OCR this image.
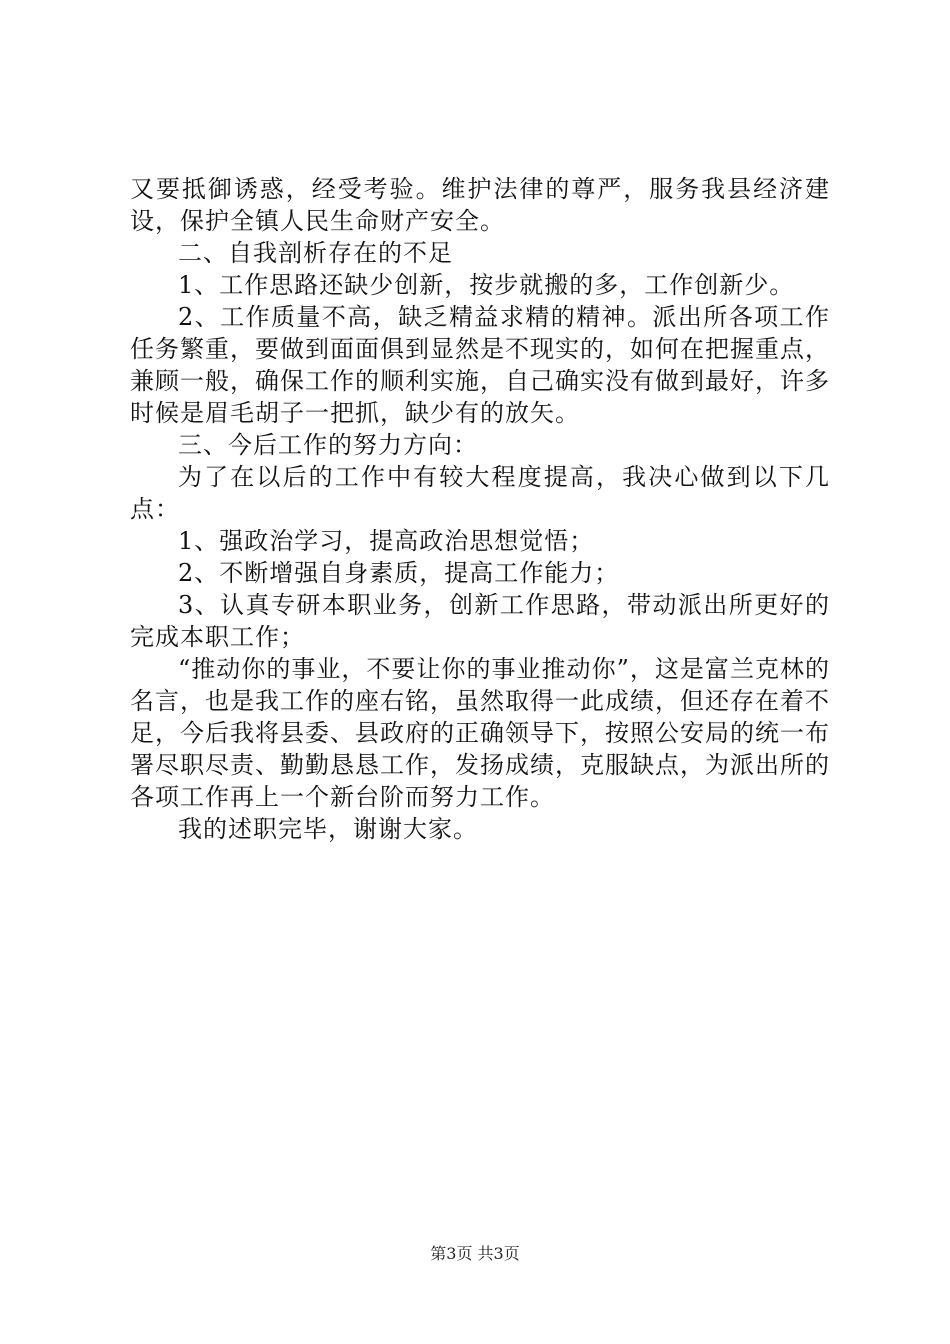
又要抵御诱惑，经受考验。维护法律的尊严，服务我县经济建设，保护全镇人民生命财产安全。

二、自我剖析存在的不足

1、工作思路还缺少创新，按步就搬的多，工作创新少。

2、工作质量不高，缺乏精益求精的精神。派出所各项工作任务繁重，要做到面面俱到显然是不现实的，如何在把握重点，兼顾一般，确保工作的顺利实施，自己确实没有做到最好，许多时候是眉毛胡子一把抓，缺少有的放矢。

三、今后工作的努力方向：

为了在以后的工作中有较大程度提高，我决心做到以下几点：

1、强政治学习，提高政治思想觉悟；

2、不断增强自身素质，提高工作能力；

3、认真专研本职业务，创新工作思路，带动派出所更好的完成本职工作；

“推动你的事业，不要让你的事业推动你”，这是富兰克林的名言，也是我工作的座右铭，虽然取得一此成绩，但还存在着不足，今后我将县委、县政府的正确领导下，按照公安局的统一布署尽职尽责、勤勤恳恳工作，发扬成绩，克服缺点，为派出所的各项工作再上一个新台阶而努力工作。

我的述职完毕，谢谢大家。

第3页 共3页
